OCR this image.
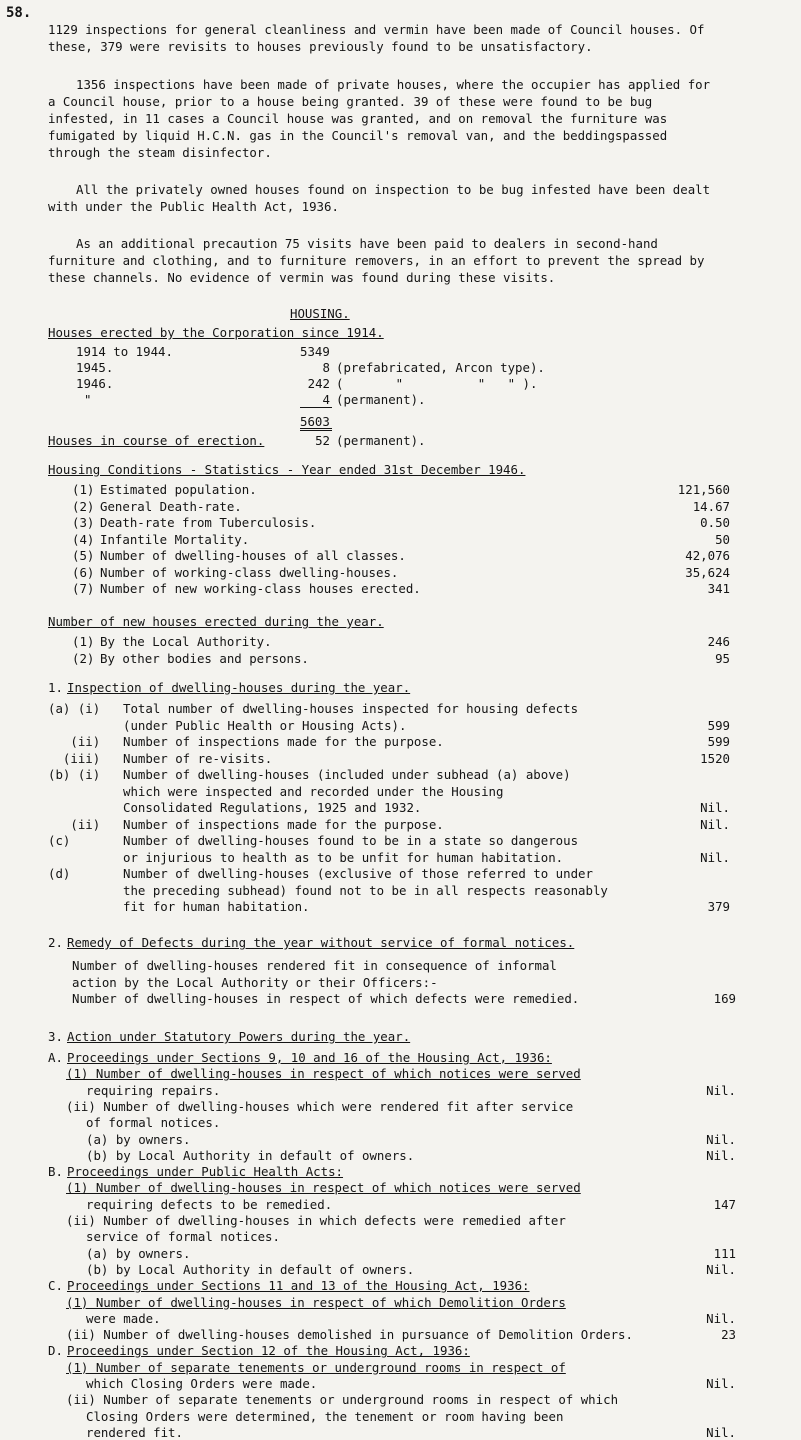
58.
1129 inspections for general cleanliness and vermin have been made of Council houses. Of
these, 379 were revisits to houses previously found to be unsatisfactory.
1356 inspections have been made of private houses, where the occupier has applied for
a Council house, prior to a house being granted. 39 of these were found to be bug
infested, in 11 cases a Council house was granted, and on removal the furniture was
fumigated by liquid H.C.N. gas in the Council's removal van, and the beddingspassed
through the steam disinfector.
All the privately owned houses found on inspection to be bug infested have been dealt
with under the Public Health Act, 1936.
As an additional precaution 75 visits have been paid to dealers in second-hand
furniture and clothing, and to furniture removers, in an effort to prevent the spread by
these channels. No evidence of vermin was found during these visits.
HOUSING.
Houses erected by the Corporation since 1914.
1914 to 1944.	5349
1945.	8 (prefabricated, Arcon type).
1946.	242 (       "          "   " ).
"	4 (permanent).
5603
Houses in course of erection.	52 (permanent).
Housing Conditions - Statistics - Year ended 31st December 1946.
(1) Estimated population.	121,560
(2) General Death-rate.	14.67
(3) Death-rate from Tuberculosis.	0.50
(4) Infantile Mortality.	50
(5) Number of dwelling-houses of all classes.	42,076
(6) Number of working-class dwelling-houses.	35,624
(7) Number of new working-class houses erected.	341
Number of new houses erected during the year.
(1) By the Local Authority.	246
(2) By other bodies and persons.	95
1. Inspection of dwelling-houses during the year.
(a) (i) Total number of dwelling-houses inspected for housing defects
(under Public Health or Housing Acts).	599
(ii) Number of inspections made for the purpose.	599
(iii) Number of re-visits.	1520
(b) (i) Number of dwelling-houses (included under subhead (a) above)
which were inspected and recorded under the Housing
Consolidated Regulations, 1925 and 1932.	Nil.
(ii) Number of inspections made for the purpose.	Nil.
(c)	Number of dwelling-houses found to be in a state so dangerous
or injurious to health as to be unfit for human habitation.	Nil.
(d)	Number of dwelling-houses (exclusive of those referred to under
the preceding subhead) found not to be in all respects reasonably
fit for human habitation.	379
2. Remedy of Defects during the year without service of formal notices.
Number of dwelling-houses rendered fit in consequence of informal
action by the Local Authority or their Officers:-
Number of dwelling-houses in respect of which defects were remedied.	169
3. Action under Statutory Powers during the year.
A.
Proceedings under Sections 9, 10 and 16 of the Housing Act, 1936:
(1) Number of dwelling-houses in respect of which notices were served
requiring repairs.	Nil.
(ii) Number of dwelling-houses which were rendered fit after service
of formal notices.
(a) by owners.	Nil.
(b) by Local Authority in default of owners.	Nil.
B.
Proceedings under Public Health Acts:
(1) Number of dwelling-houses in respect of which notices were served
requiring defects to be remedied.	147
(ii) Number of dwelling-houses in which defects were remedied after
service of formal notices.
(a) by owners.	111
(b) by Local Authority in default of owners.	Nil.
C.
Proceedings under Sections 11 and 13 of the Housing Act, 1936:
(1) Number of dwelling-houses in respect of which Demolition Orders
were made.	Nil.
(ii) Number of dwelling-houses demolished in pursuance of Demolition Orders.	23
D.
Proceedings under Section 12 of the Housing Act, 1936:
(1) Number of separate tenements or underground rooms in respect of
which Closing Orders were made.	Nil.
(ii) Number of separate tenements or underground rooms in respect of which
Closing Orders were determined, the tenement or room having been
rendered fit.	Nil.
